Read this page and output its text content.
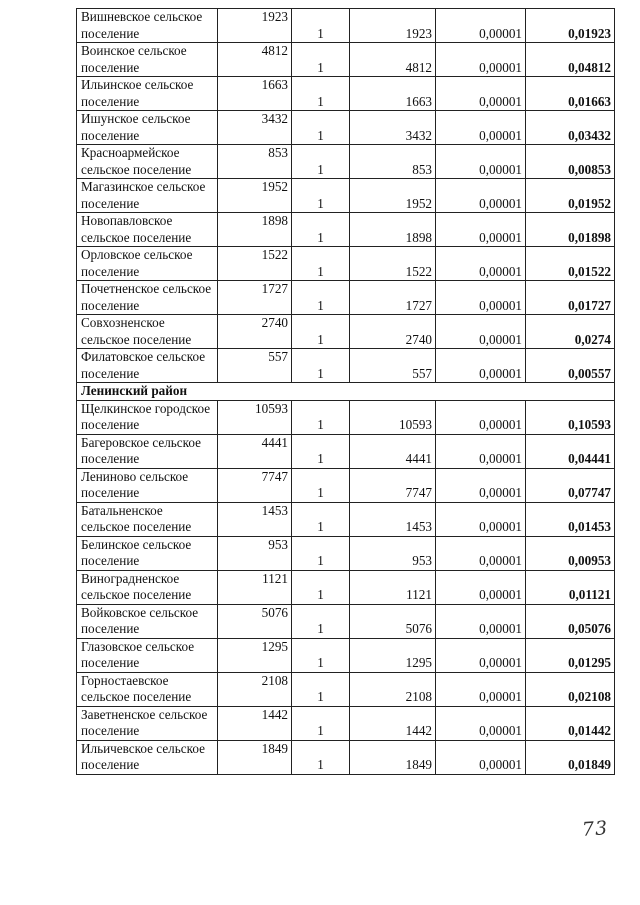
Вишневское сельское поселение	1923	1	1923	0,00001	0,01923
Воинское сельское поселение	4812	1	4812	0,00001	0,04812
Ильинское сельское поселение	1663	1	1663	0,00001	0,01663
Ишунское сельское поселение	3432	1	3432	0,00001	0,03432
Красноармейское сельское поселение	853	1	853	0,00001	0,00853
Магазинское сельское поселение	1952	1	1952	0,00001	0,01952
Новопавловское сельское поселение	1898	1	1898	0,00001	0,01898
Орловское сельское поселение	1522	1	1522	0,00001	0,01522
Почетненское сельское поселение	1727	1	1727	0,00001	0,01727
Совхозненское сельское поселение	2740	1	2740	0,00001	0,0274
Филатовское сельское поселение	557	1	557	0,00001	0,00557
Ленинский район					
Щелкинское городское поселение	10593	1	10593	0,00001	0,10593
Багеровское сельское поселение	4441	1	4441	0,00001	0,04441
Лениново сельское поселение	7747	1	7747	0,00001	0,07747
Батальненское сельское поселение	1453	1	1453	0,00001	0,01453
Белинское сельское поселение	953	1	953	0,00001	0,00953
Виноградненское сельское поселение	1121	1	1121	0,00001	0,01121
Войковское сельское поселение	5076	1	5076	0,00001	0,05076
Глазовское сельское поселение	1295	1	1295	0,00001	0,01295
Горностаевское сельское поселение	2108	1	2108	0,00001	0,02108
Заветненское сельское поселение	1442	1	1442	0,00001	0,01442
Ильичевское сельское поселение	1849	1	1849	0,00001	0,01849
73
